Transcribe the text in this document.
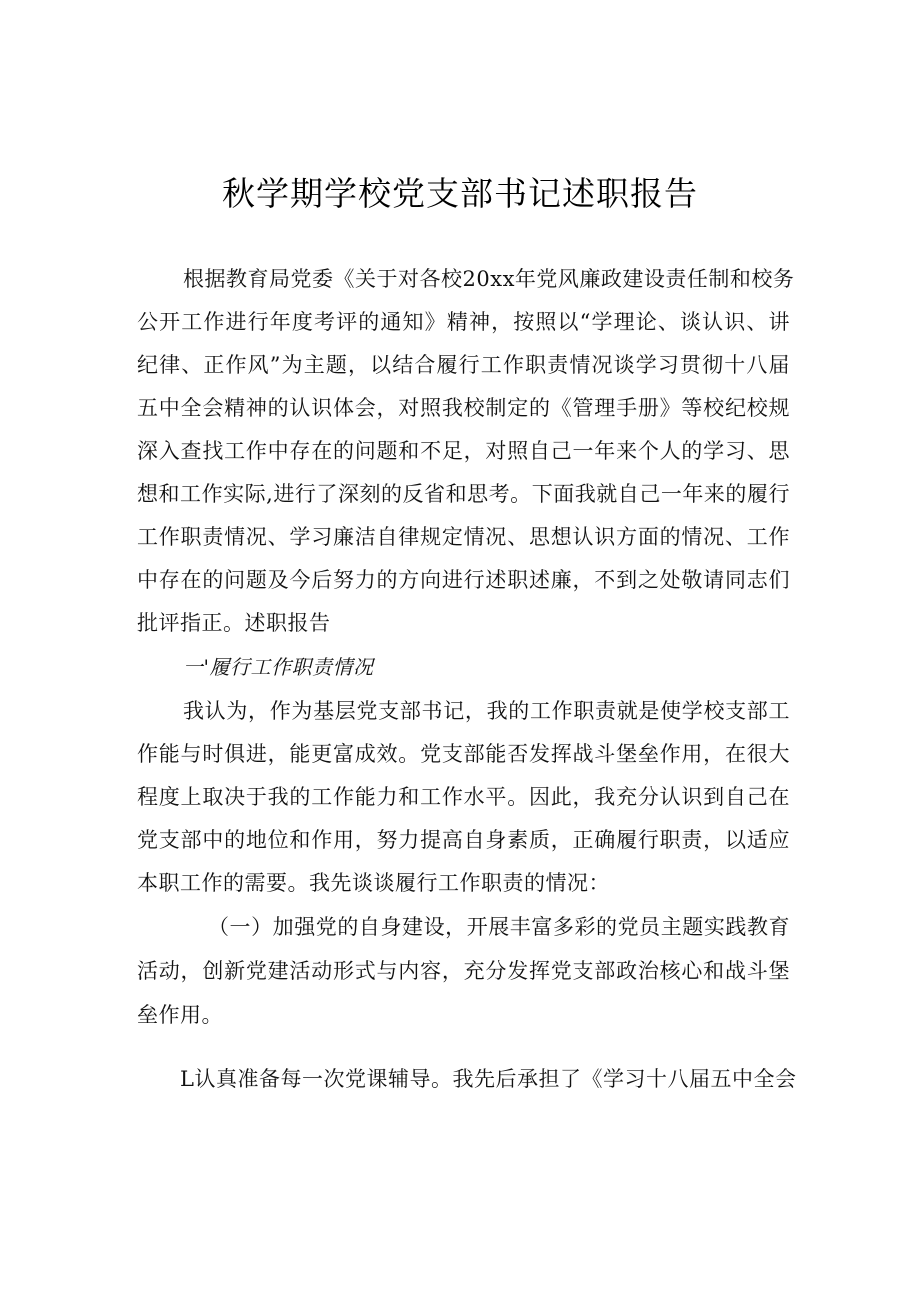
秋学期学校党支部书记述职报告
根据教育局党委《关于对各校20xx年党风廉政建设责任制和校务
公开工作进行年度考评的通知》精神，按照以“学理论、谈认识、讲
纪律、正作风”为主题，以结合履行工作职责情况谈学习贯彻十八届
五中全会精神的认识体会，对照我校制定的《管理手册》等校纪校规
深入查找工作中存在的问题和不足，对照自己一年来个人的学习、思
想和工作实际,进行了深刻的反省和思考。下面我就自己一年来的履行
工作职责情况、学习廉洁自律规定情况、思想认识方面的情况、工作
中存在的问题及今后努力的方向进行述职述廉，不到之处敬请同志们
批评指正。述职报告
一'履行工作职责情况
我认为，作为基层党支部书记，我的工作职责就是使学校支部工
作能与时俱进，能更富成效。党支部能否发挥战斗堡垒作用，在很大
程度上取决于我的工作能力和工作水平。因此，我充分认识到自己在
党支部中的地位和作用，努力提高自身素质，正确履行职责，以适应
本职工作的需要。我先谈谈履行工作职责的情况：
（一）加强党的自身建设，开展丰富多彩的党员主题实践教育
活动，创新党建活动形式与内容，充分发挥党支部政治核心和战斗堡
垒作用。
L认真准备每一次党课辅导。我先后承担了《学习十八届五中全会
